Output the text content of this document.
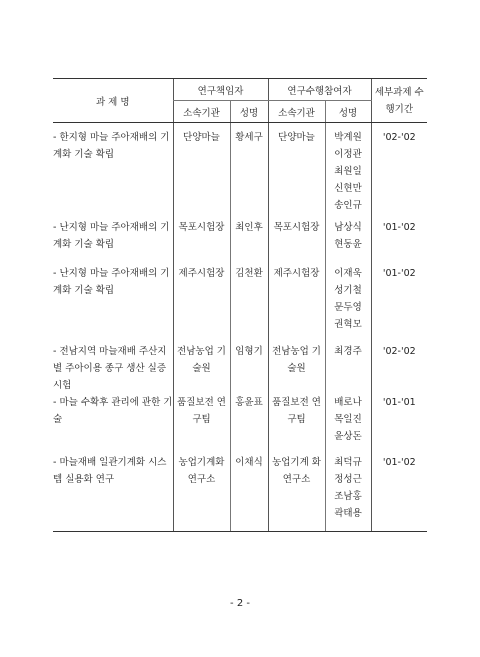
과 제 명	연구책임자		연구수행참여자		세부과제 수행기간
	소속기관	성명	소속기관	성명	
- 한지형 마늘 주아재배의 기계화 기술 확립	단양마늘	황세구	단양마늘	박계원
이정관
최원일
신현만
송인규	'02-'02
- 난지형 마늘 주아재배의 기계화 기술 확립	목포시험장	최인후	목포시험장	남상식
현동윤	'01-'02
- 난지형 마늘 주아재배의 기계화 기술 확립	제주시험장	김천환	제주시험장	이재욱
성기철
문두영
권혁모	'01-'02
- 전남지역 마늘재배 주산지별 주아이용 종구 생산 실증시험	전남농업 기술원	임형기	전남농업 기술원	최경주	'02-'02
- 마늘 수확후 관리에 관한 기술	품질보전 연구팀	홍윤표	품질보전 연구팀	배로나
목일진
윤상돈	'01-'01
- 마늘재배 일관기계화 시스템 실용화 연구	농업기계화 연구소	이채식	농업기계 화연구소	최덕규
정성근
조남홍
곽태용	'01-'02
- 2 -
